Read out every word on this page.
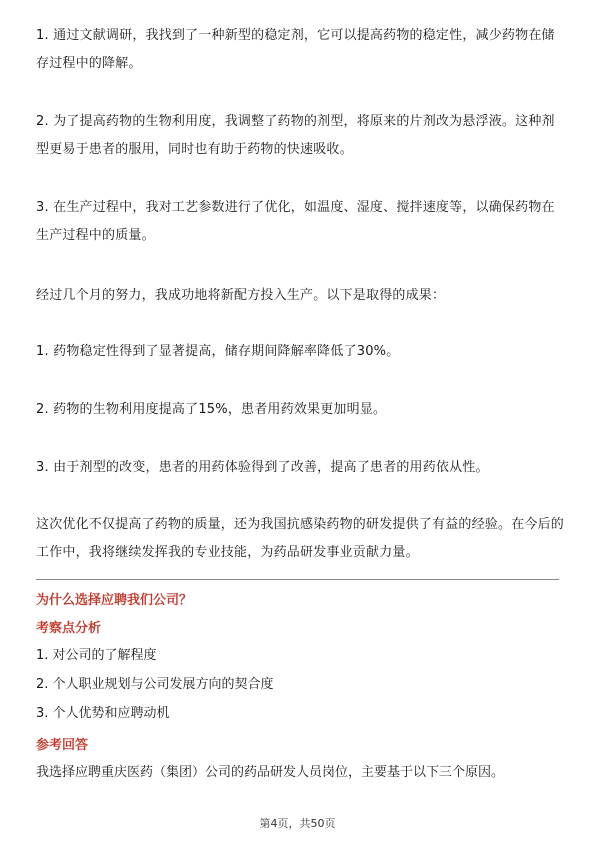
1. 通过文献调研，我找到了一种新型的稳定剂，它可以提高药物的稳定性，减少药物在储存过程中的降解。

2. 为了提高药物的生物利用度，我调整了药物的剂型，将原来的片剂改为悬浮液。这种剂型更易于患者的服用，同时也有助于药物的快速吸收。

3. 在生产过程中，我对工艺参数进行了优化，如温度、湿度、搅拌速度等，以确保药物在生产过程中的质量。

经过几个月的努力，我成功地将新配方投入生产。以下是取得的成果：

1. 药物稳定性得到了显著提高，储存期间降解率降低了30%。

2. 药物的生物利用度提高了15%，患者用药效果更加明显。

3. 由于剂型的改变，患者的用药体验得到了改善，提高了患者的用药依从性。

这次优化不仅提高了药物的质量，还为我国抗感染药物的研发提供了有益的经验。在今后的工作中，我将继续发挥我的专业技能，为药品研发事业贡献力量。

为什么选择应聘我们公司？

考察点分析

1. 对公司的了解程度

2. 个人职业规划与公司发展方向的契合度

3. 个人优势和应聘动机

参考回答

我选择应聘重庆医药（集团）公司的药品研发人员岗位，主要基于以下三个原因。

第4页，共50页
